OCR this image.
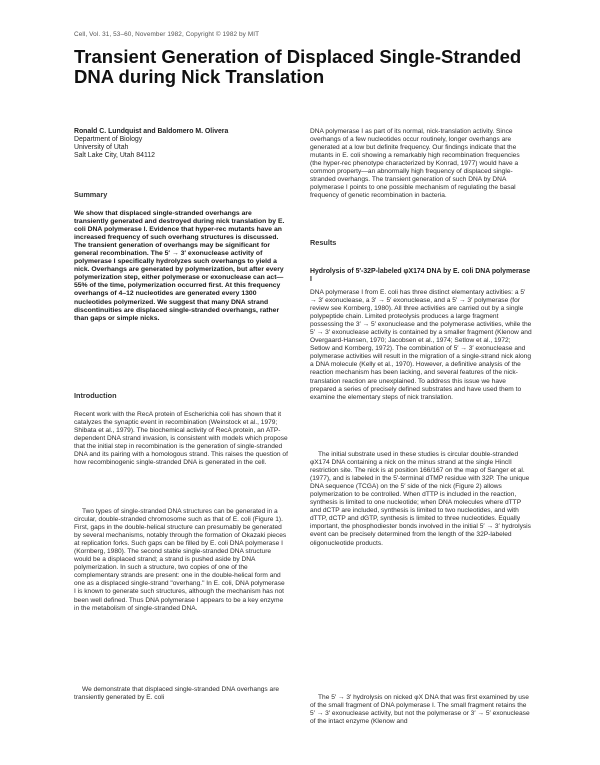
Cell, Vol. 31, 53–60, November 1982, Copyright © 1982 by MIT
Transient Generation of Displaced Single-Stranded DNA during Nick Translation
Ronald C. Lundquist and Baldomero M. Olivera
Department of Biology
University of Utah
Salt Lake City, Utah 84112
Summary

We show that displaced single-stranded overhangs are transiently generated and destroyed during nick translation by E. coli DNA polymerase I. Evidence that hyper-rec mutants have an increased frequency of such overhang structures is discussed. The transient generation of overhangs may be significant for general recombination. The 5′ → 3′ exonuclease activity of polymerase I specifically hydrolyzes such overhangs to yield a nick. Overhangs are generated by polymerization, but after every polymerization step, either polymerase or exonuclease can act—55% of the time, polymerization occurred first. At this frequency overhangs of 4–12 nucleotides are generated every 1300 nucleotides polymerized. We suggest that many DNA strand discontinuities are displaced single-stranded overhangs, rather than gaps or simple nicks.

Introduction

Recent work with the RecA protein of Escherichia coli has shown that it catalyzes the synaptic event in recombination (Weinstock et al., 1979; Shibata et al., 1979). The biochemical activity of RecA protein, an ATP-dependent DNA strand invasion, is consistent with models which propose that the initial step in recombination is the generation of single-stranded DNA and its pairing with a homologous strand. This raises the question of how recombinogenic single-stranded DNA is generated in the cell.

Two types of single-stranded DNA structures can be generated in a circular, double-stranded chromosome such as that of E. coli (Figure 1). First, gaps in the double-helical structure can presumably be generated by several mechanisms, notably through the formation of Okazaki pieces at replication forks. Such gaps can be filled by E. coli DNA polymerase I (Kornberg, 1980). The second stable single-stranded DNA structure would be a displaced strand; a strand is pushed aside by DNA polymerization. In such a structure, two copies of one of the complementary strands are present: one in the double-helical form and one as a displaced single-strand "overhang." In E. coli, DNA polymerase I is known to generate such structures, although the mechanism has not been well defined. Thus DNA polymerase I appears to be a key enzyme in the metabolism of single-stranded DNA.

We demonstrate that displaced single-stranded DNA overhangs are transiently generated by E. coli

DNA polymerase I as part of its normal, nick-translation activity. Since overhangs of a few nucleotides occur routinely, longer overhangs are generated at a low but definite frequency. Our findings indicate that the mutants in E. coli showing a remarkably high recombination frequencies (the hyper-rec phenotype characterized by Konrad, 1977) would have a common property—an abnormally high frequency of displaced single-stranded overhangs. The transient generation of such DNA by DNA polymerase I points to one possible mechanism of regulating the basal frequency of genetic recombination in bacteria.

Results

Hydrolysis of 5′-32P-labeled φX174 DNA by E. coli DNA polymerase I

DNA polymerase I from E. coli has three distinct elementary activities: a 5′ → 3′ exonuclease, a 3′ → 5′ exonuclease, and a 5′ → 3′ polymerase (for review see Kornberg, 1980). All three activities are carried out by a single polypeptide chain. Limited proteolysis produces a large fragment possessing the 3′ → 5′ exonuclease and the polymerase activities, while the 5′ → 3′ exonuclease activity is contained by a smaller fragment (Klenow and Overgaard-Hansen, 1970; Jacobsen et al., 1974; Setlow et al., 1972; Setlow and Kornberg, 1972). The combination of 5′ → 3′ exonuclease and polymerase activities will result in the migration of a single-strand nick along a DNA molecule (Kelly et al., 1970). However, a definitive analysis of the reaction mechanism has been lacking, and several features of the nick-translation reaction are unexplained. To address this issue we have prepared a series of precisely defined substrates and have used them to examine the elementary steps of nick translation.

The initial substrate used in these studies is circular double-stranded φX174 DNA containing a nick on the minus strand at the single HincII restriction site. The nick is at position 166/167 on the map of Sanger et al. (1977), and is labeled in the 5′-terminal dTMP residue with 32P. The unique DNA sequence (TCGA) on the 5′ side of the nick (Figure 2) allows polymerization to be controlled. When dTTP is included in the reaction, synthesis is limited to one nucleotide; when DNA molecules where dTTP and dCTP are included, synthesis is limited to two nucleotides, and with dTTP, dCTP and dGTP, synthesis is limited to three nucleotides. Equally important, the phosphodiester bonds involved in the initial 5′ → 3′ hydrolysis event can be precisely determined from the length of the 32P-labeled oligonucleotide products.

The 5′ → 3′ hydrolysis on nicked φX DNA that was first examined by use of the small fragment of DNA polymerase I. The small fragment retains the 5′ → 3′ exonuclease activity, but not the polymerase or 3′ → 5′ exonuclease of the intact enzyme (Klenow and
